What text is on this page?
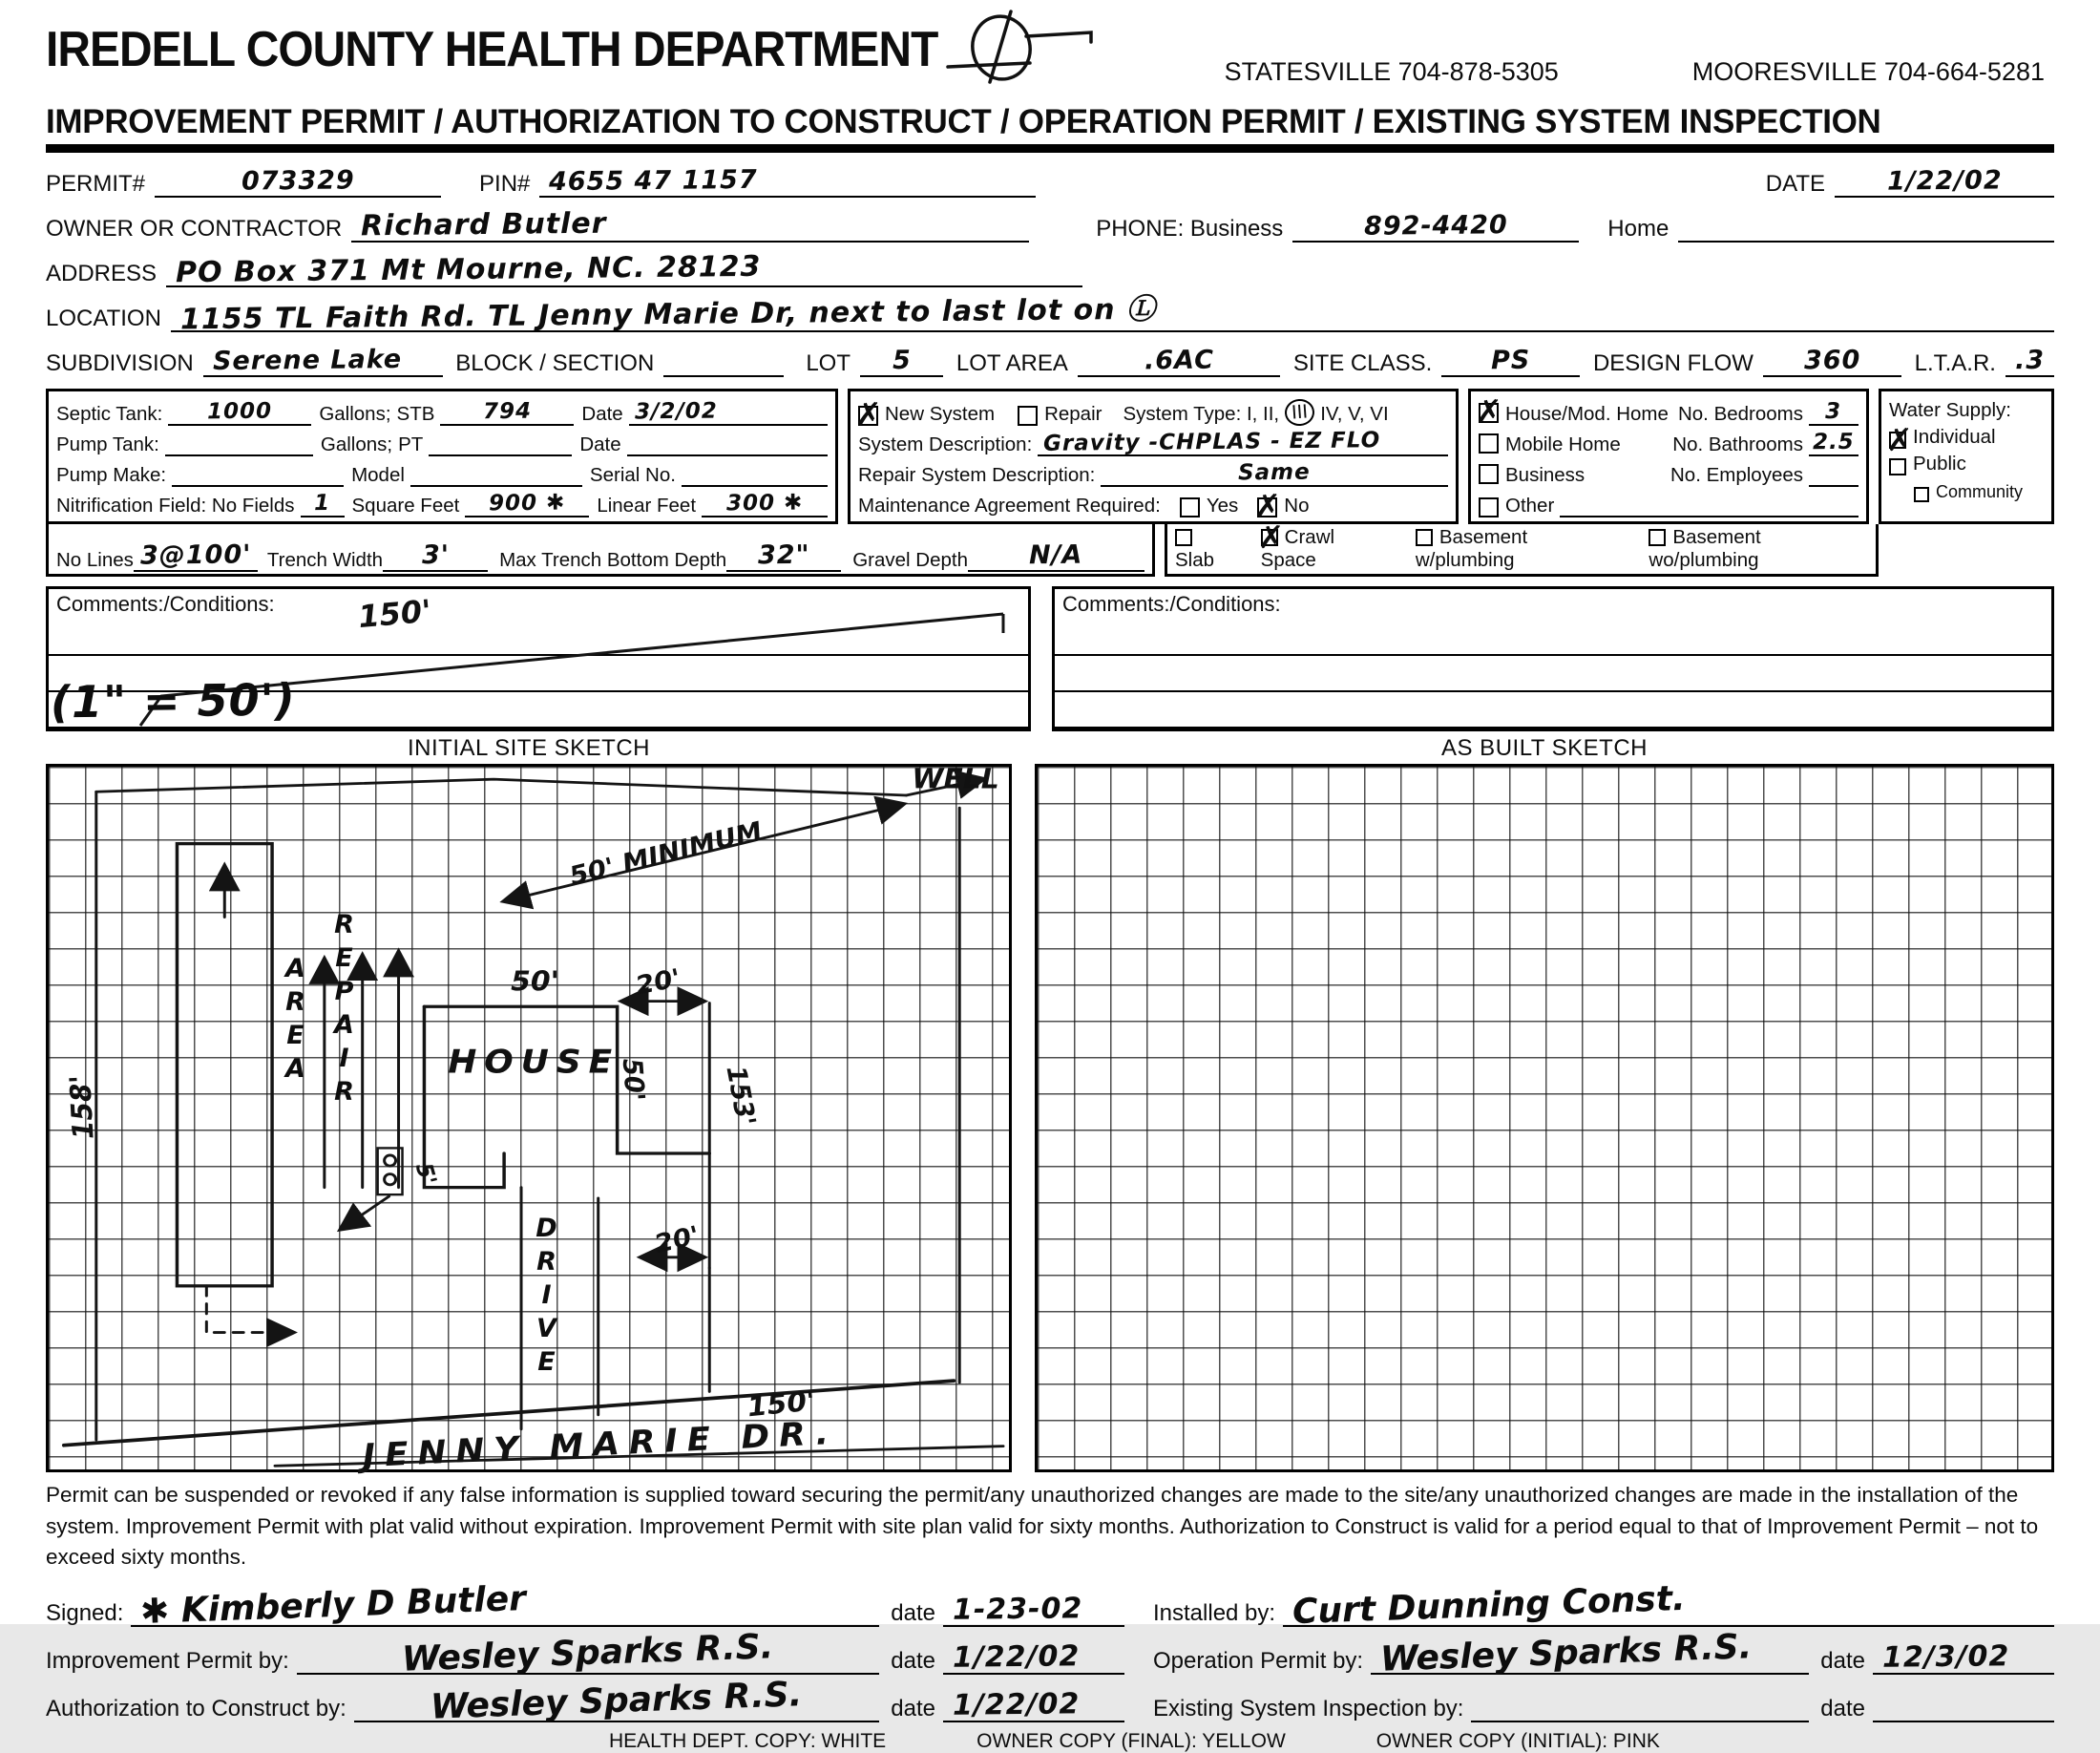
IREDELL COUNTY HEALTH DEPARTMENT	STATESVILLE 704-878-5305	MOORESVILLE 704-664-5281
IMPROVEMENT PERMIT / AUTHORIZATION TO CONSTRUCT / OPERATION PERMIT / EXISTING SYSTEM INSPECTION
PERMIT#	073329	PIN# 4655 47 1157	DATE	1/22/02
OWNER OR CONTRACTOR Richard Butler	PHONE: Business	892-4420	Home
ADDRESS PO Box 371 Mt Mourne, NC. 28123
LOCATION 1155 TL Faith Rd. TL Jenny Marie Dr, next to last lot on Ⓛ
SUBDIVISION Serene Lake BLOCK / SECTION	LOT	5 LOT AREA	.6AC	SITE CLASS.	PS	DESIGN FLOW	360 L.T.A.R. .3
Septic Tank: 1000	Gallons; STB 794	Date 3/2/02
Pump Tank:	Gallons; PT	Date
Pump Make:	Model	Serial No.
Nitrification Field: No Fields 1	Square Feet 900 ✱	Linear Feet 300 ✱
✗ New System	Repair System Type: I, II, III IV, V, VI
System Description: Gravity -CHPLAS - EZ FLO
Repair System Description:	Same
Maintenance Agreement Required: Yes ✗ No
✗ House/Mod. Home No. Bedrooms 3
Mobile Home	No. Bathrooms 2.5
Business	No. Employees
Other
Water Supply:
✗ Individual
Public
Community
No Lines 3@100' Trench Width 3'	Max Trench Bottom Depth 32"	Gravel Depth N/A	Slab
✗ Crawl Space
Basement w/plumbing
Basement wo/plumbing
Comments:/Conditions:	150'
(1" = 50')
Comments:/Conditions:
INITIAL SITE SKETCH
50'	20'
50'	153'
20'
5'
HOUSE
150'
JENNY MARIE DR.
50' MINIMUM
WELL
158'	REPAIR
AREA
DRIVE
AS BUILT SKETCH
Permit can be suspended or revoked if any false information is supplied toward securing the permit/any unauthorized changes are made to the site/any unauthorized changes are made in the installation of the system. Improvement Permit with plat valid without expiration. Improvement Permit with site plan valid for sixty months. Authorization to Construct is valid for a period equal to that of Improvement Permit – not to exceed sixty months.
Signed: ✱ Kimberly D Butler	date 1-23-02
Improvement Permit by:	Wesley Sparks R.S.	date 1/22/02
Authorization to Construct by: Wesley Sparks R.S.	date 1/22/02
Installed by: Curt Dunning Const.
Operation Permit by: Wesley Sparks R.S.	date 12/3/02
Existing System Inspection by:	date
HEALTH DEPT. COPY: WHITE	OWNER COPY (FINAL): YELLOW	OWNER COPY (INITIAL): PINK
